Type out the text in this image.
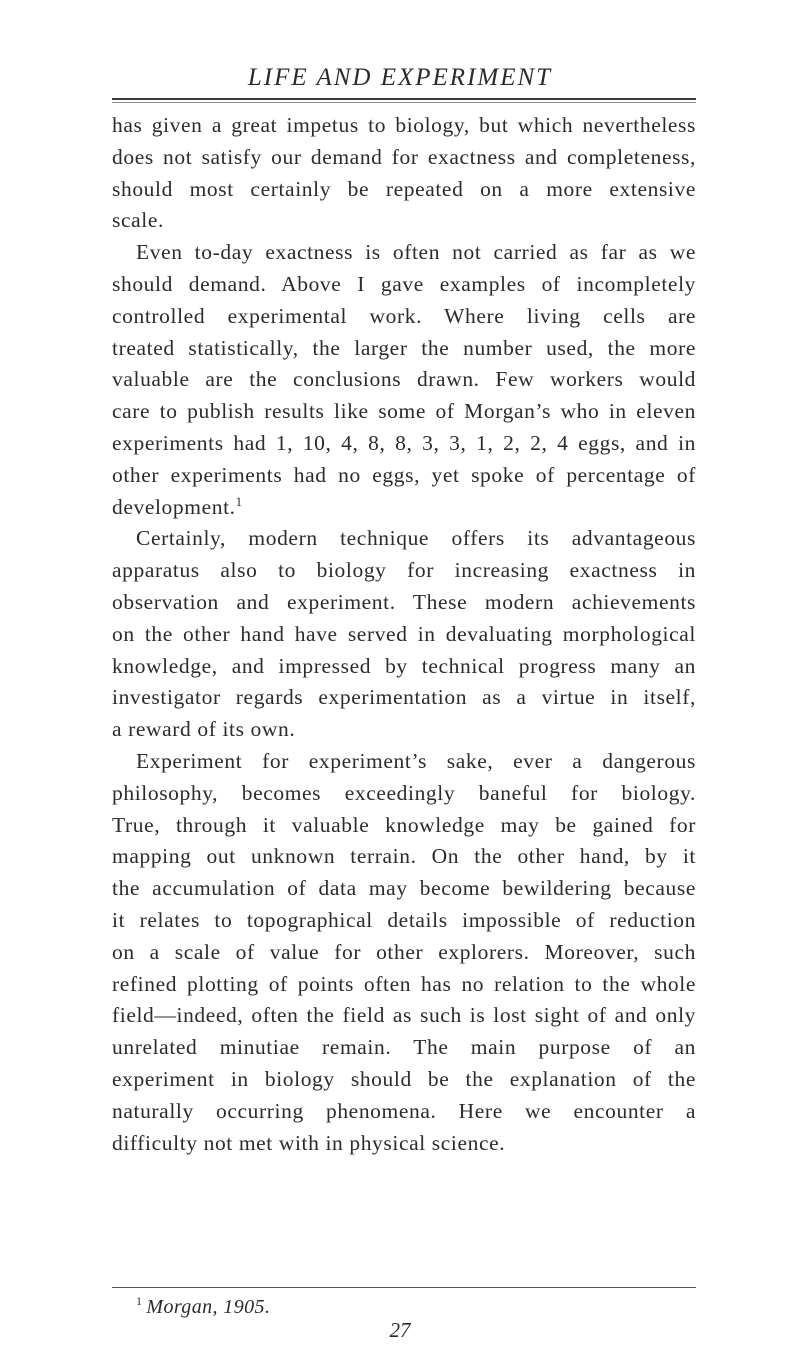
LIFE AND EXPERIMENT
has given a great impetus to biology, but which nevertheless
does not satisfy our demand for exactness and completeness,
should most certainly be repeated on a more extensive
scale.
Even to-day exactness is often not carried as far as we
should demand. Above I gave examples of incompletely
controlled experimental work. Where living cells are
treated statistically, the larger the number used, the more
valuable are the conclusions drawn. Few workers would
care to publish results like some of Morgan’s who in eleven
experiments had 1, 10, 4, 8, 8, 3, 3, 1, 2, 2, 4 eggs, and in
other experiments had no eggs, yet spoke of percentage of
development.$^1$
Certainly, modern technique offers its advantageous
apparatus also to biology for increasing exactness in
observation and experiment. These modern achievements
on the other hand have served in devaluating morphological
knowledge, and impressed by technical progress many an
investigator regards experimentation as a virtue in itself,
a reward of its own.
Experiment for experiment’s sake, ever a dangerous
philosophy, becomes exceedingly baneful for biology.
True, through it valuable knowledge may be gained for
mapping out unknown terrain. On the other hand, by it
the accumulation of data may become bewildering because
it relates to topographical details impossible of reduction
on a scale of value for other explorers. Moreover, such
refined plotting of points often has no relation to the whole
field—indeed, often the field as such is lost sight of and only
unrelated minutiae remain. The main purpose of an
experiment in biology should be the explanation of the
naturally occurring phenomena. Here we encounter a
difficulty not met with in physical science.
$^1$ Morgan, 1905.
27
